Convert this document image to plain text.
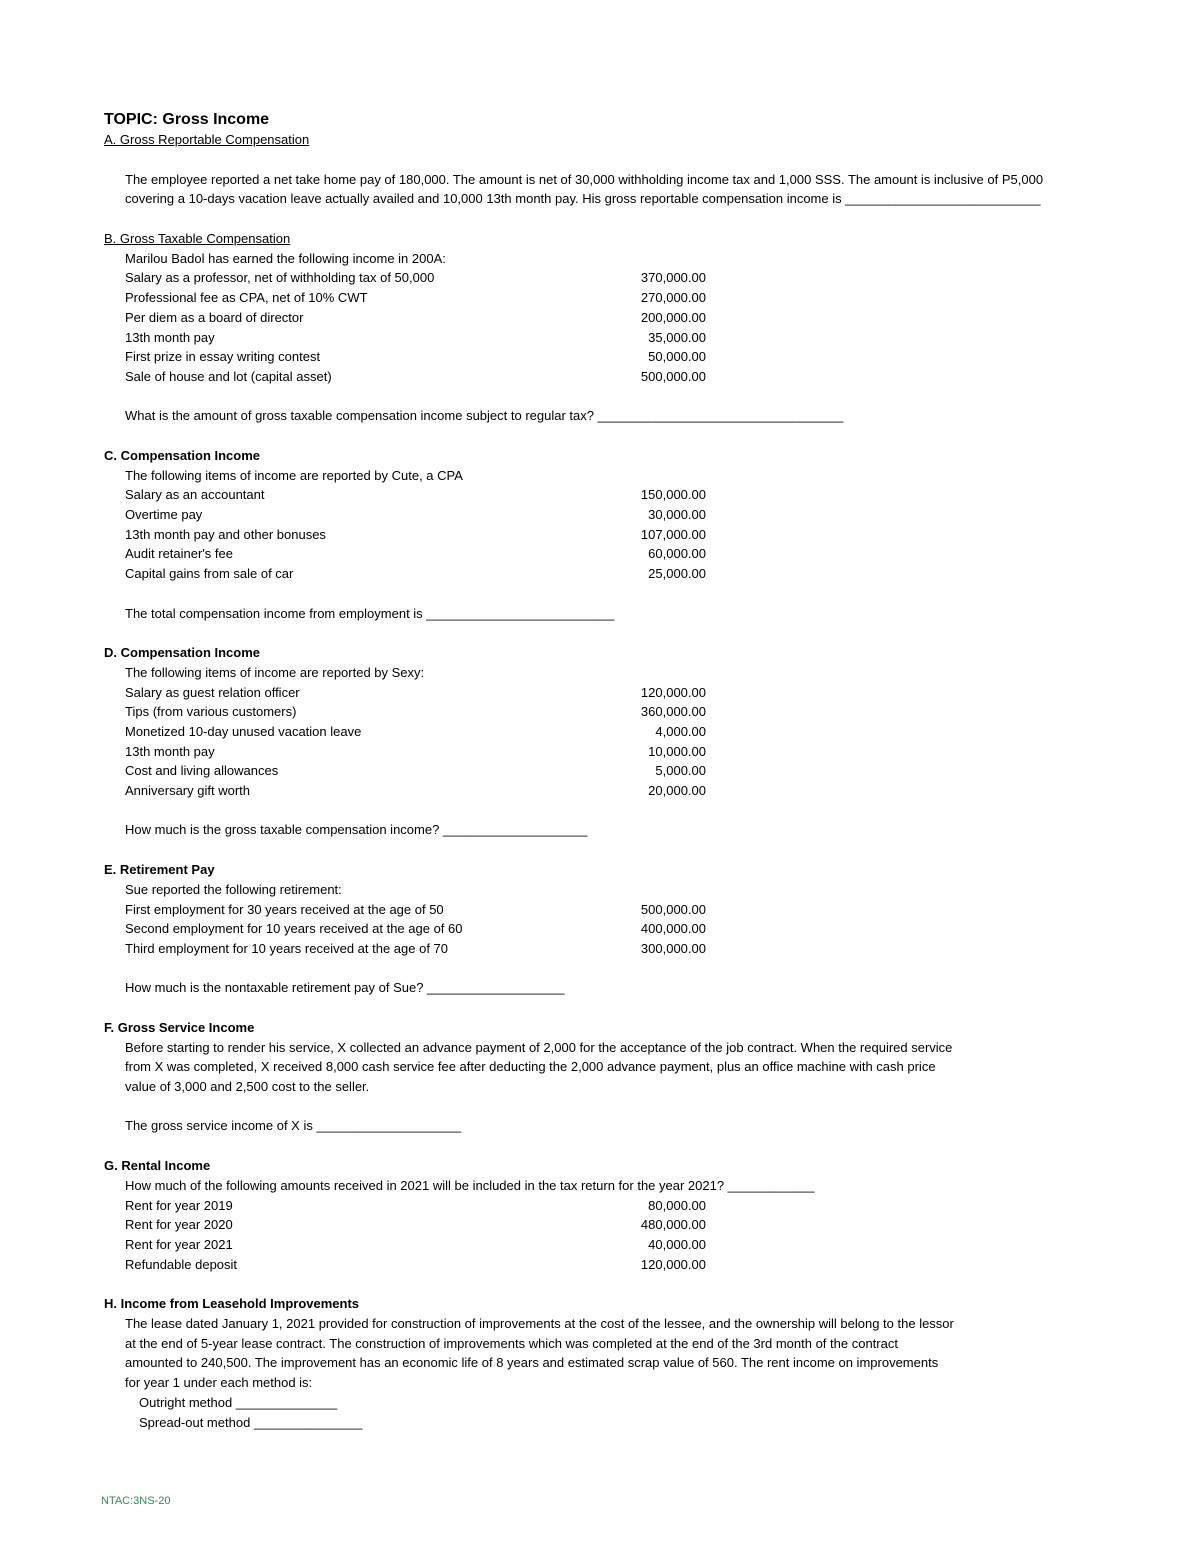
TOPIC: Gross Income
A. Gross Reportable Compensation
The employee reported a net take home pay of 180,000. The amount is net of 30,000 withholding income tax and 1,000 SSS. The amount is inclusive of P5,000
covering a 10-days vacation leave actually availed and 10,000 13th month pay. His gross reportable compensation income is ___________________________
B. Gross Taxable Compensation
Marilou Badol has earned the following income in 200A:
Salary as a professor, net of withholding tax of 50,000	370,000.00
Professional fee as CPA, net of 10% CWT	270,000.00
Per diem as a board of director	200,000.00
13th month pay	35,000.00
First prize in essay writing contest	50,000.00
Sale of house and lot (capital asset)	500,000.00
What is the amount of gross taxable compensation income subject to regular tax? __________________________________
C. Compensation Income
The following items of income are reported by Cute, a CPA
Salary as an accountant	150,000.00
Overtime pay	30,000.00
13th month pay and other bonuses	107,000.00
Audit retainer's fee	60,000.00
Capital gains from sale of car	25,000.00
The total compensation income from employment is __________________________
D. Compensation Income
The following items of income are reported by Sexy:
Salary as guest relation officer	120,000.00
Tips (from various customers)	360,000.00
Monetized 10-day unused vacation leave	4,000.00
13th month pay	10,000.00
Cost and living allowances	5,000.00
Anniversary gift worth	20,000.00
How much is the gross taxable compensation income? ____________________
E. Retirement Pay
Sue reported the following retirement:
First employment for 30 years received at the age of 50	500,000.00
Second employment for 10 years received at the age of 60	400,000.00
Third employment for 10 years received at the age of 70	300,000.00
How much is the nontaxable retirement pay of Sue? ___________________
F. Gross Service Income
Before starting to render his service, X collected an advance payment of 2,000 for the acceptance of the job contract. When the required service from X was completed, X received 8,000 cash service fee after deducting the 2,000 advance payment, plus an office machine with cash price value of 3,000 and 2,500 cost to the seller.
The gross service income of X is ____________________
G. Rental Income
How much of the following amounts received in 2021 will be included in the tax return for the year 2021? ____________
Rent for year 2019	80,000.00
Rent for year 2020	480,000.00
Rent for year 2021	40,000.00
Refundable deposit	120,000.00
H. Income from Leasehold Improvements
The lease dated January 1, 2021 provided for construction of improvements at the cost of the lessee, and the ownership will belong to the lessor at the end of 5-year lease contract. The construction of improvements which was completed at the end of the 3rd month of the contract amounted to 240,500. The improvement has an economic life of 8 years and estimated scrap value of 560. The rent income on improvements for year 1 under each method is:
Outright method ______________
Spread-out method _______________
NTAC:3NS-20
